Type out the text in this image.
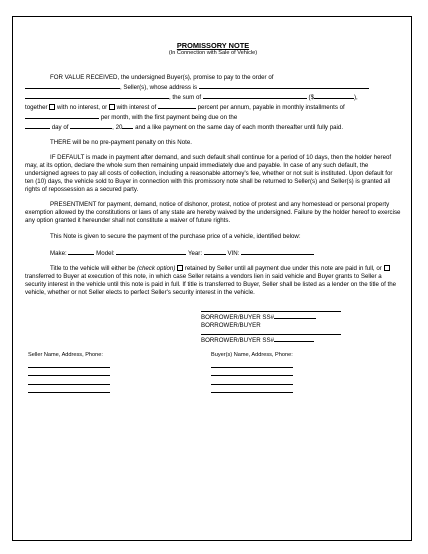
PROMISSORY NOTE
(In Connection with Sale of Vehicle)

FOR VALUE RECEIVED, the undersigned Buyer(s), promise to pay to the order of
, Seller(s), whose address is
, the sum of	($	),
together with no interest, or with interest of	percent per annum, payable in monthly installments of  per month, with the first payment being due on the
day of	, 20 and a like payment on the same day of each month thereafter until fully paid.

THERE will be no pre-payment penalty on this Note.

IF DEFAULT is made in payment after demand, and such default shall continue for a period of 10 days, then the holder hereof may, at its option, declare the whole sum then remaining unpaid immediately due and payable. In case of any such default, the undersigned agrees to pay all costs of collection, including a reasonable attorney's fee, whether or not suit is instituted. Upon default for ten (10) days, the vehicle sold to Buyer in connection with this promissory note shall be returned to Seller(s) and Seller(s) is granted all rights of repossession as a secured party.

PRESENTMENT for payment, demand, notice of dishonor, protest, notice of protest and any homestead or personal property exemption allowed by the constitutions or laws of any state are hereby waived by the undersigned. Failure by the holder hereof to exercise any option granted it hereunder shall not constitute a waiver of future rights.

This Note is given to secure the payment of the purchase price of a vehicle, identified below:

Make:	Model:	Year:	VIN:

Title to the vehicle will either be (check option) retained by Seller until all payment due under this note are paid in full, or  transferred to Buyer at execution of this note, in which case Seller retains a vendors lien in said vehicle and Buyer grants to Seller a security interest in the vehicle until this note is paid in full. If title is transferred to Buyer, Seller shall be listed as a lender on the title of the vehicle, whether or not Seller elects to perfect Seller's security interest in the vehicle.

BORROWER/BUYER SS#
BORROWER/BUYER
BORROWER/BUYER SS#
Seller Name, Address, Phone:	Buyer(s) Name, Address, Phone:
